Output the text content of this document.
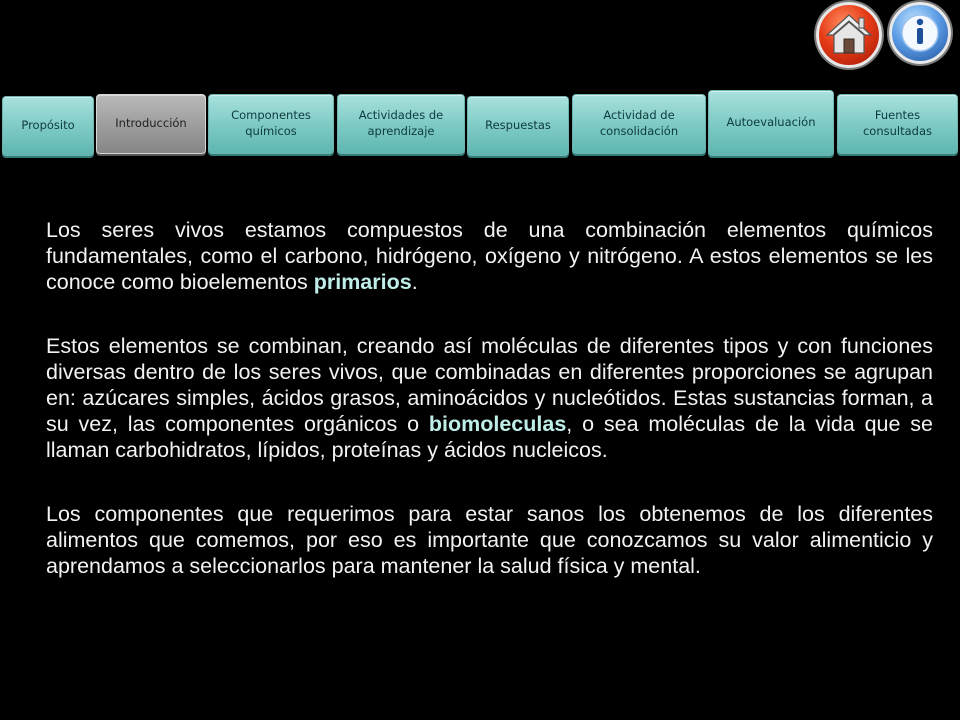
Propósito	Introducción
Componentes químicos
Actividades de aprendizaje	Respuestas
Actividad de consolidación
Autoevaluación	Fuentes consultadas

Los seres vivos estamos compuestos de una combinación elementos químicos fundamentales, como el carbono, hidrógeno, oxígeno y nitrógeno. A estos elementos se les conoce como bioelementos primarios.

Estos elementos se combinan, creando así moléculas de diferentes tipos y con funciones diversas dentro de los seres vivos, que combinadas en diferentes proporciones se agrupan en: azúcares simples, ácidos grasos, aminoácidos y nucleótidos. Estas sustancias forman, a su vez, las componentes orgánicos o biomoleculas, o sea moléculas de la vida que se llaman carbohidratos, lípidos, proteínas y ácidos nucleicos.

Los componentes que requerimos para estar sanos los obtenemos de los diferentes alimentos que comemos, por eso es importante que conozcamos su valor alimenticio y aprendamos a seleccionarlos para mantener la salud física y mental.
